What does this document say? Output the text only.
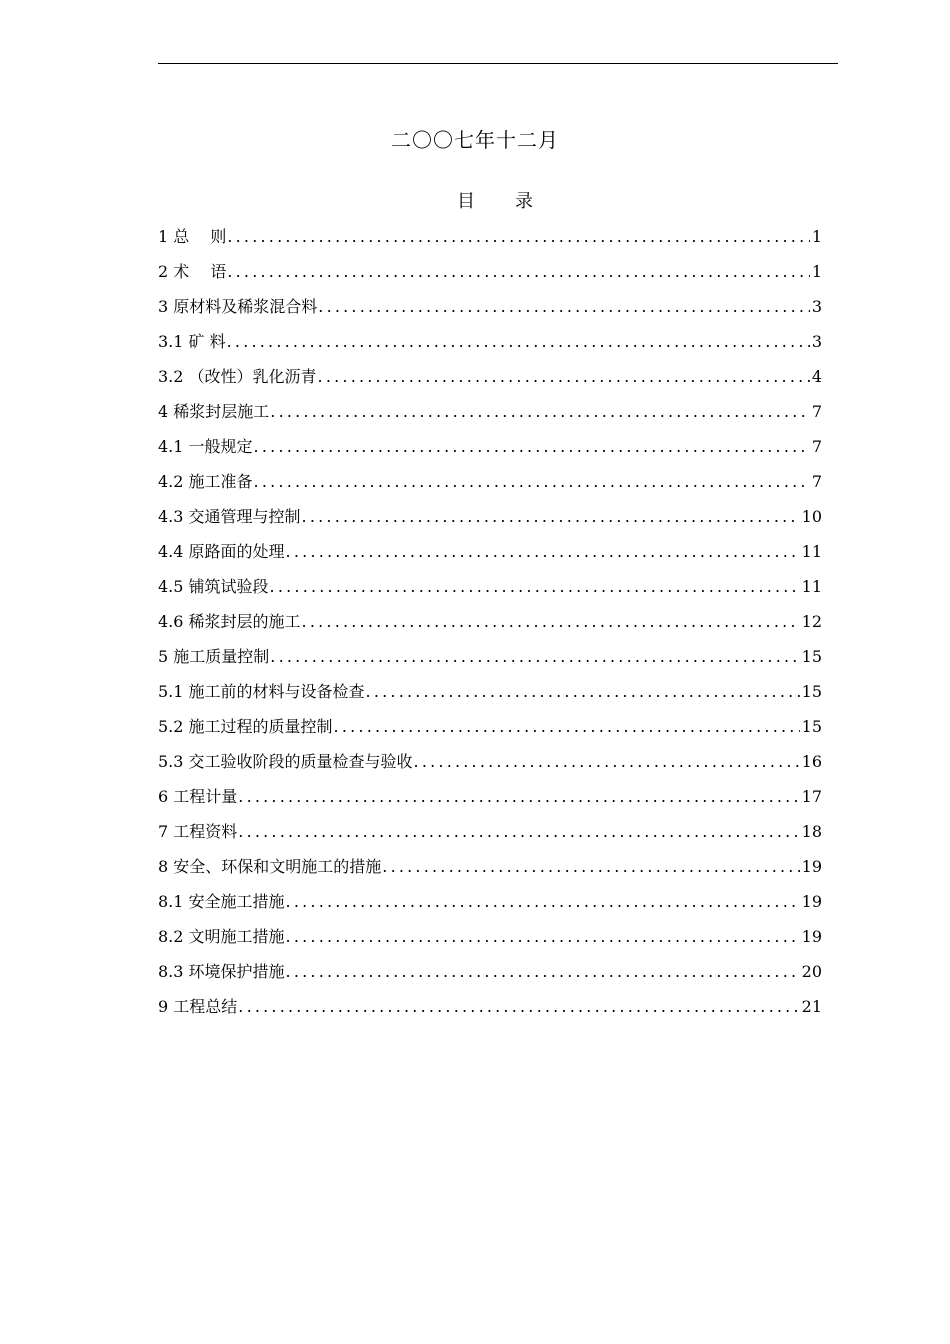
二〇〇七年十二月
目 录
1 总　 则 .....	1
2 术　 语 .....	1
3 原材料及稀浆混合料 .....	3
3.1 矿 料 .....	3
3.2 （改性）乳化沥青 .....	4
4 稀浆封层施工 .....	7
4.1 一般规定 .....	7
4.2 施工准备 .....	7
4.3 交通管理与控制 .....	10
4.4 原路面的处理 .....	11
4.5 铺筑试验段 .....	11
4.6 稀浆封层的施工 .....	12
5 施工质量控制 .....	15
5.1 施工前的材料与设备检查 .....	15
5.2 施工过程的质量控制 .....	15
5.3 交工验收阶段的质量检查与验收 .....	16
6 工程计量 .....	17
7 工程资料 .....	18
8 安全、环保和文明施工的措施 .....	19
8.1 安全施工措施 .....	19
8.2 文明施工措施 .....	19
8.3 环境保护措施 .....	20
9 工程总结 .....	21
